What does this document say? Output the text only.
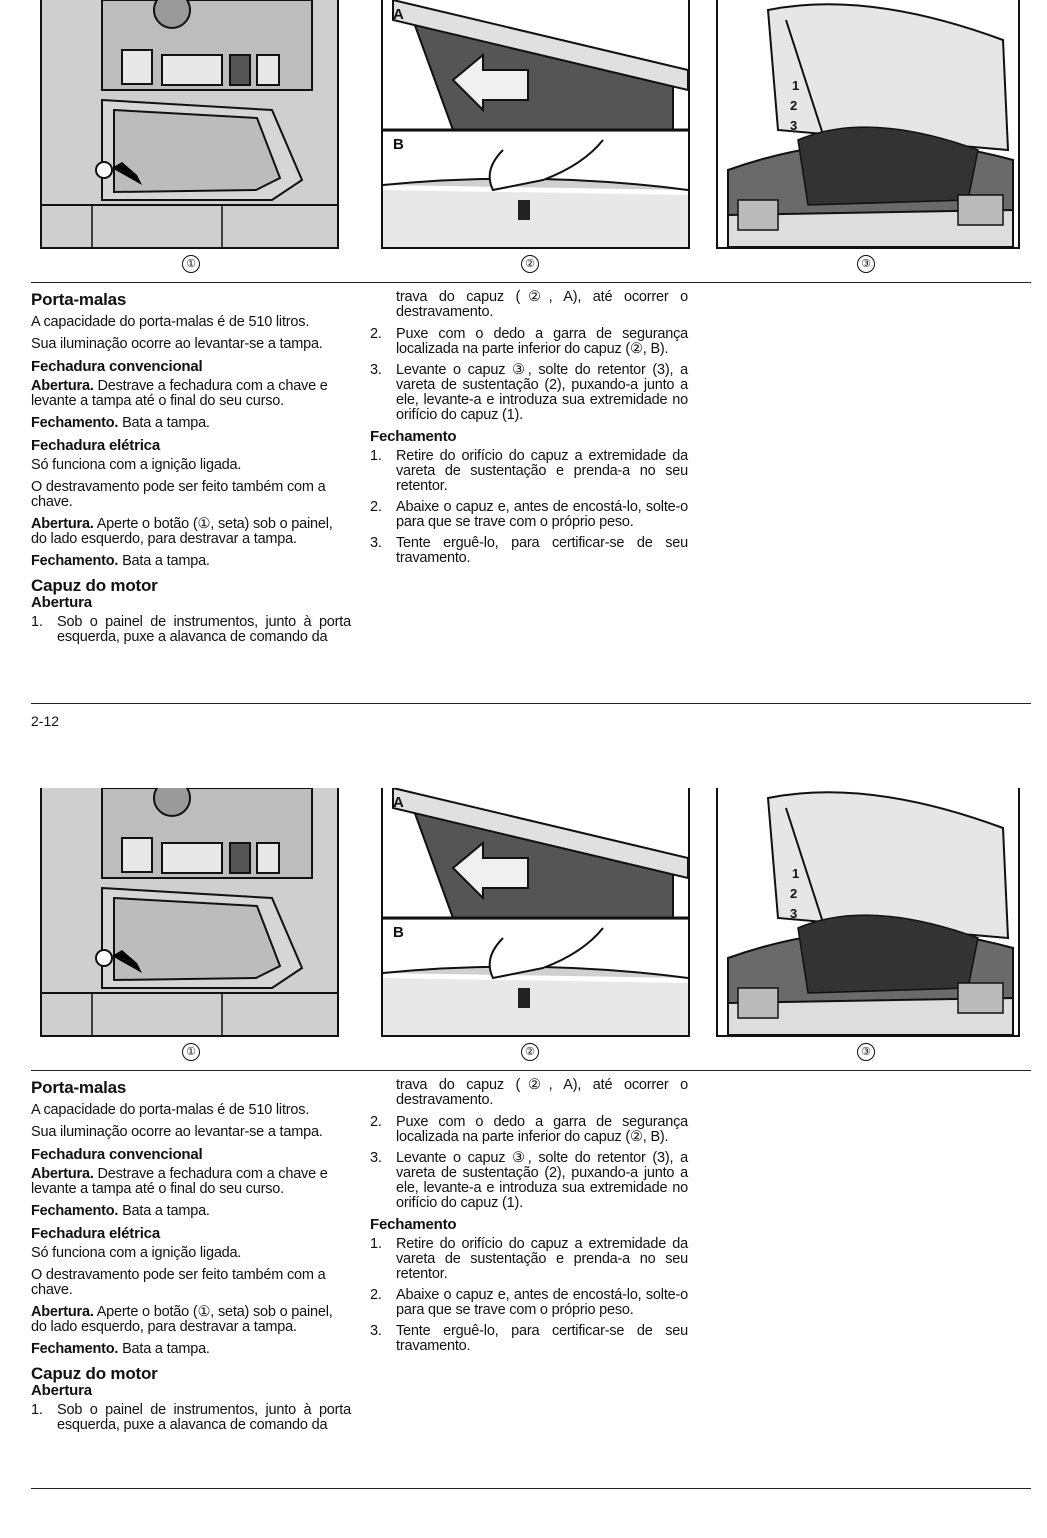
①
A
B
②
1
2
3
③
Porta-malas

A capacidade do porta-malas é de 510 litros.

Sua iluminação ocorre ao levantar-se a tampa.

Fechadura convencional

Abertura. Destrave a fechadura com a chave e levante a tampa até o final do seu curso.

Fechamento. Bata a tampa.

Fechadura elétrica

Só funciona com a ignição ligada.

O destravamento pode ser feito também com a chave.

Abertura. Aperte o botão (①, seta) sob o painel, do lado esquerdo, para destravar a tampa.

Fechamento. Bata a tampa.

Capuz do motor
Abertura
1. Sob o painel de instrumentos, junto à porta esquerda, puxe a alavanca de comando da

trava do capuz (②, A), até ocorrer o destravamento.

2. Puxe com o dedo a garra de segurança localizada na parte inferior do capuz (②, B).
3. Levante o capuz ③, solte do retentor (3), a vareta de sustentação (2), puxando-a junto a ele, levante-a e introduza sua extremidade no orifício do capuz (1).
Fechamento
1. Retire do orifício do capuz a extremidade da vareta de sustentação e prenda-a no seu retentor.
2. Abaixe o capuz e, antes de encostá-lo, solte-o para que se trave com o próprio peso.
3. Tente erguê-lo, para certificar-se de seu travamento.
2-12
①
A
B
②
1
2
3
③
Porta-malas

A capacidade do porta-malas é de 510 litros.

Sua iluminação ocorre ao levantar-se a tampa.

Fechadura convencional

Abertura. Destrave a fechadura com a chave e levante a tampa até o final do seu curso.

Fechamento. Bata a tampa.

Fechadura elétrica

Só funciona com a ignição ligada.

O destravamento pode ser feito também com a chave.

Abertura. Aperte o botão (①, seta) sob o painel, do lado esquerdo, para destravar a tampa.

Fechamento. Bata a tampa.

Capuz do motor
Abertura
1. Sob o painel de instrumentos, junto à porta esquerda, puxe a alavanca de comando da

trava do capuz (②, A), até ocorrer o destravamento.

2. Puxe com o dedo a garra de segurança localizada na parte inferior do capuz (②, B).
3. Levante o capuz ③, solte do retentor (3), a vareta de sustentação (2), puxando-a junto a ele, levante-a e introduza sua extremidade no orifício do capuz (1).
Fechamento
1. Retire do orifício do capuz a extremidade da vareta de sustentação e prenda-a no seu retentor.
2. Abaixe o capuz e, antes de encostá-lo, solte-o para que se trave com o próprio peso.
3. Tente erguê-lo, para certificar-se de seu travamento.
